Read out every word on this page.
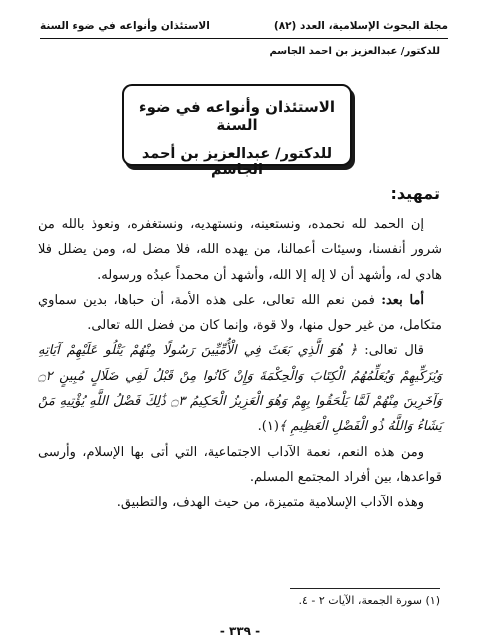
مجلة البحوث الإسلامية، العدد (٨٢)
الاستئذان وأنواعه في ضوء السنة
للدكتور/ عبدالعزيز بن احمد الجاسم
الاستئذان وأنواعه في ضوء السنة
للدكتور/ عبدالعزيز بن أحمد الجاسم
تمهيد:

إن الحمد لله نحمده، ونستعينه، ونستهديه، ونستغفره، ونعوذ بالله من شرور أنفسنا، وسيئات أعمالنا، من يهده الله، فلا مضل له، ومن يضلل فلا هادي له، وأشهد أن لا إله إلا الله، وأشهد أن محمداً عبدُه ورسوله.

أما بعد: فمن نعم الله تعالى، على هذه الأمة، أن حباها، بدين سماوي متكامل، من غير حول منها، ولا قوة، وإنما كان من فضل الله تعالى.

قال تعالى: ﴿ هُوَ الَّذِي بَعَثَ فِي الْأُمِّيِّينَ رَسُولًا مِنْهُمْ يَتْلُو عَلَيْهِمْ آيَاتِهِ وَيُزَكِّيهِمْ وَيُعَلِّمُهُمُ الْكِتَابَ وَالْحِكْمَةَ وَإِنْ كَانُوا مِنْ قَبْلُ لَفِي ضَلَالٍ مُبِينٍ ۝٢ وَآخَرِينَ مِنْهُمْ لَمَّا يَلْحَقُوا بِهِمْ وَهُوَ الْعَزِيزُ الْحَكِيمُ ۝٣ ذَٰلِكَ فَضْلُ اللَّهِ يُؤْتِيهِ مَنْ يَشَاءُ وَاللَّهُ ذُو الْفَضْلِ الْعَظِيمِ ﴾(١).

ومن هذه النعم، نعمة الآداب الاجتماعية، التي أتى بها الإسلام، وأرسى قواعدها، بين أفراد المجتمع المسلم.

وهذه الآداب الإسلامية متميزة، من حيث الهدف، والتطبيق.

(١) سورة الجمعة، الآيات ٢ - ٤.
- ٣٣٩ -
